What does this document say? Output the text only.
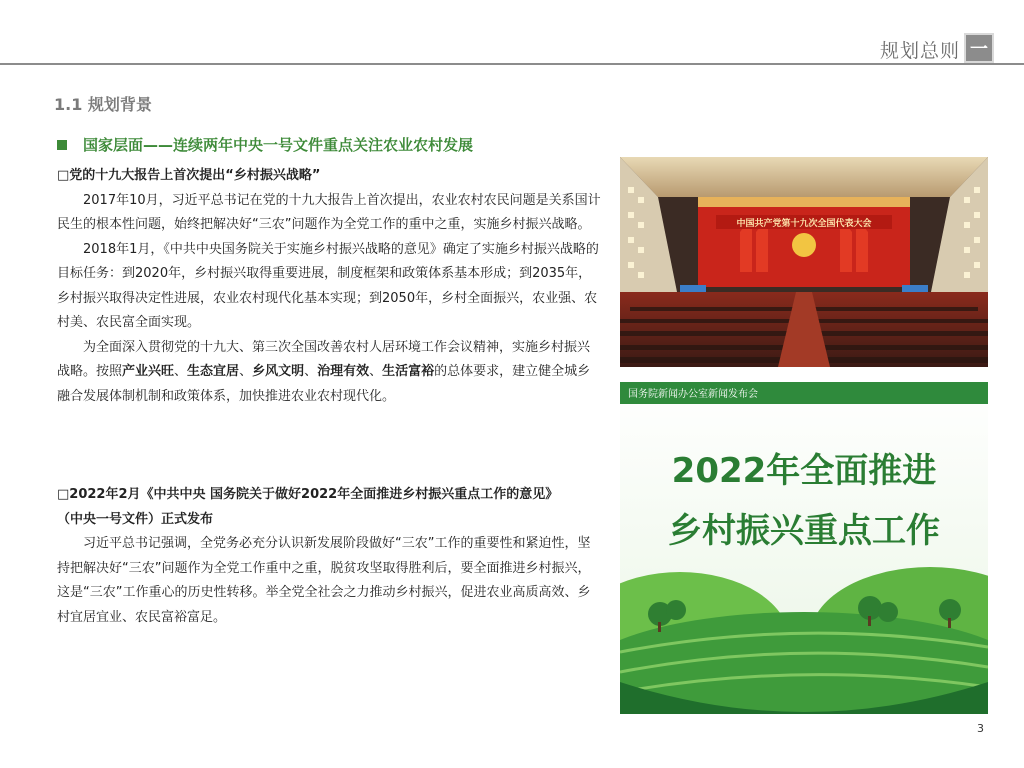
规划总则 一
1.1 规划背景
国家层面——连续两年中央一号文件重点关注农业农村发展
□党的十九大报告上首次提出“乡村振兴战略”
2017年10月，习近平总书记在党的十九大报告上首次提出，农业农村农民问题是关系国计民生的根本性问题，始终把解决好“三农”问题作为全党工作的重中之重，实施乡村振兴战略。
2018年1月，《中共中央国务院关于实施乡村振兴战略的意见》确定了实施乡村振兴战略的目标任务：到2020年，乡村振兴取得重要进展，制度框架和政策体系基本形成；到2035年，乡村振兴取得决定性进展，农业农村现代化基本实现；到2050年，乡村全面振兴，农业强、农村美、农民富全面实现。
为全面深入贯彻党的十九大、第三次全国改善农村人居环境工作会议精神，实施乡村振兴战略。按照产业兴旺、生态宜居、乡风文明、治理有效、生活富裕的总体要求，建立健全城乡融合发展体制机制和政策体系，加快推进农业农村现代化。
□2022年2月《中共中央 国务院关于做好2022年全面推进乡村振兴重点工作的意见》
（中央一号文件）正式发布
习近平总书记强调，全党务必充分认识新发展阶段做好“三农”工作的重要性和紧迫性，坚持把解决好“三农”问题作为全党工作重中之重，脱贫攻坚取得胜利后，要全面推进乡村振兴，这是“三农”工作重心的历史性转移。举全党全社会之力推动乡村振兴，促进农业高质高效、乡村宜居宜业、农民富裕富足。
中国共产党第十九次全国代表大会
国务院新闻办公室新闻发布会
2022年全面推进
乡村振兴重点工作
3
